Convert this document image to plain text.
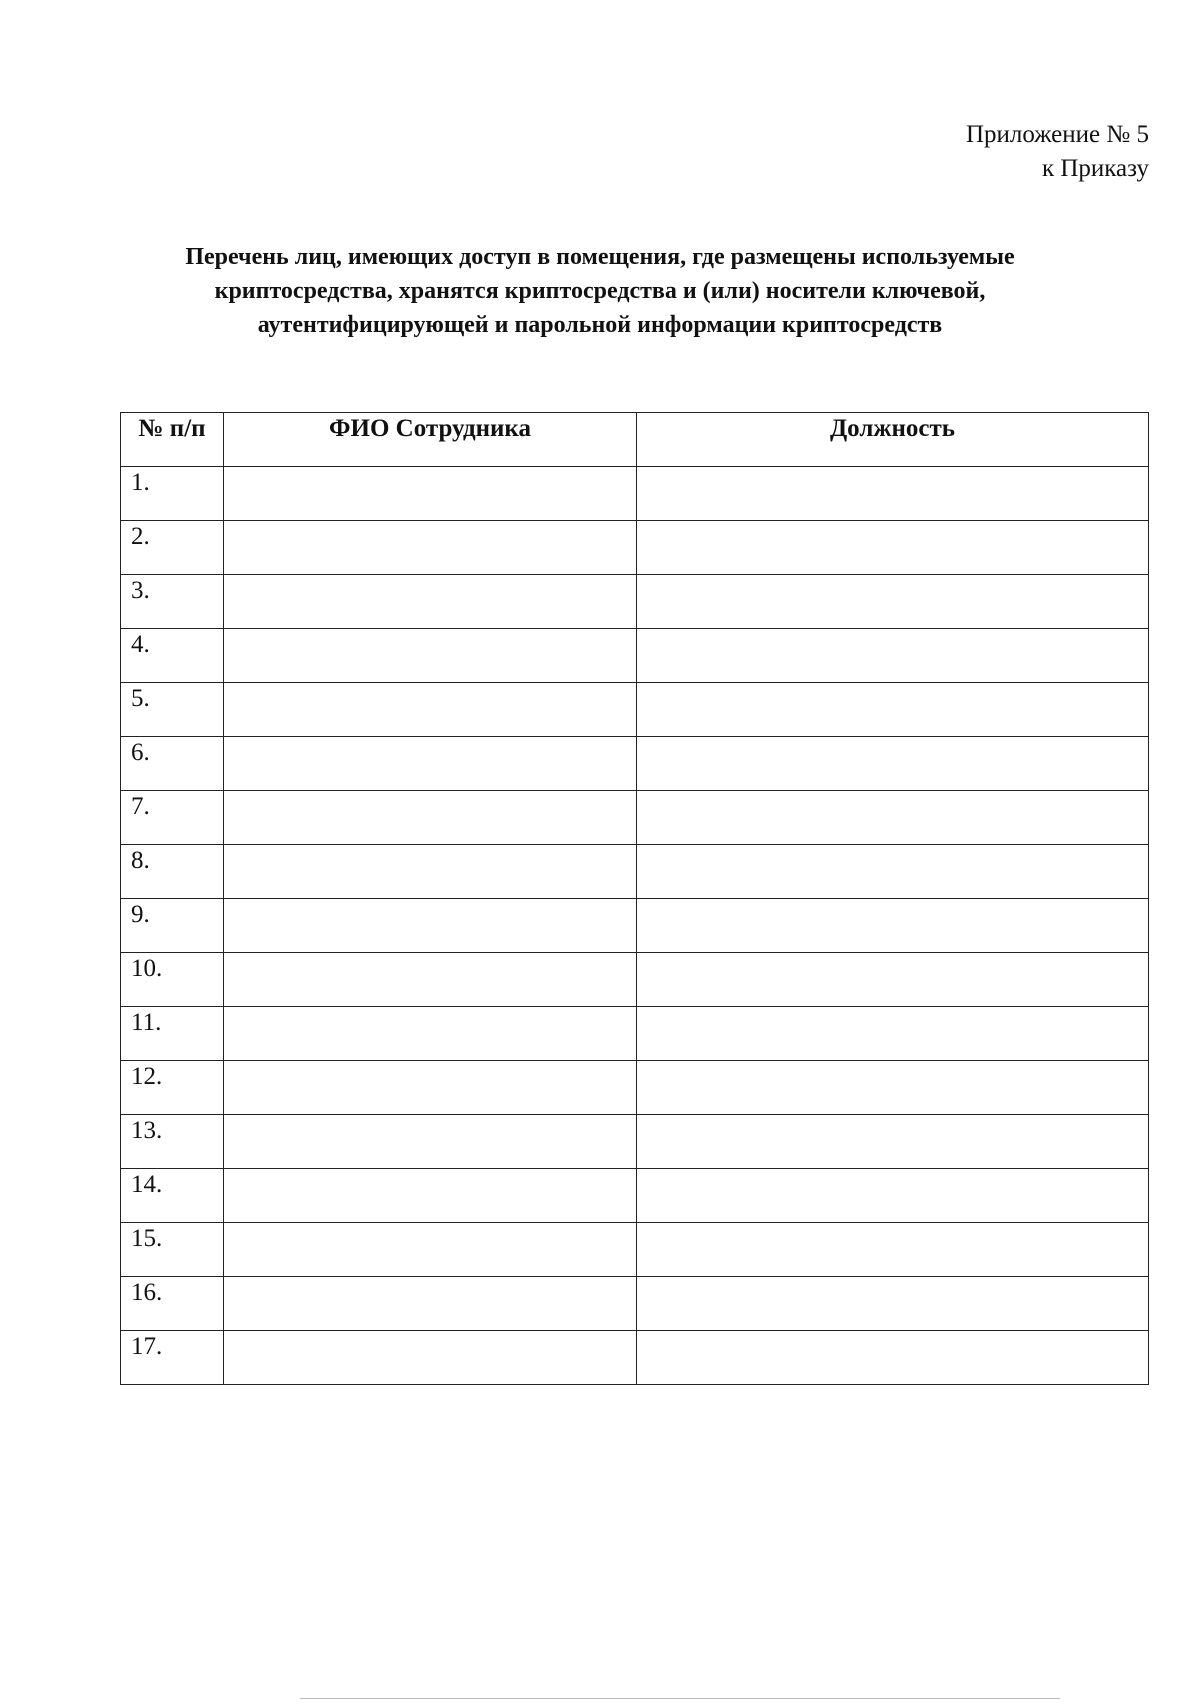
Приложение № 5
к Приказу
Перечень лиц, имеющих доступ в помещения, где размещены используемые
криптосредства, хранятся криптосредства и (или) носители ключевой,
аутентифицирующей и парольной информации криптосредств
№ п/п	ФИО Сотрудника	Должность
1.		
2.		
3.		
4.		
5.		
6.		
7.		
8.		
9.		
10.		
11.		
12.		
13.		
14.		
15.		
16.		
17.		
